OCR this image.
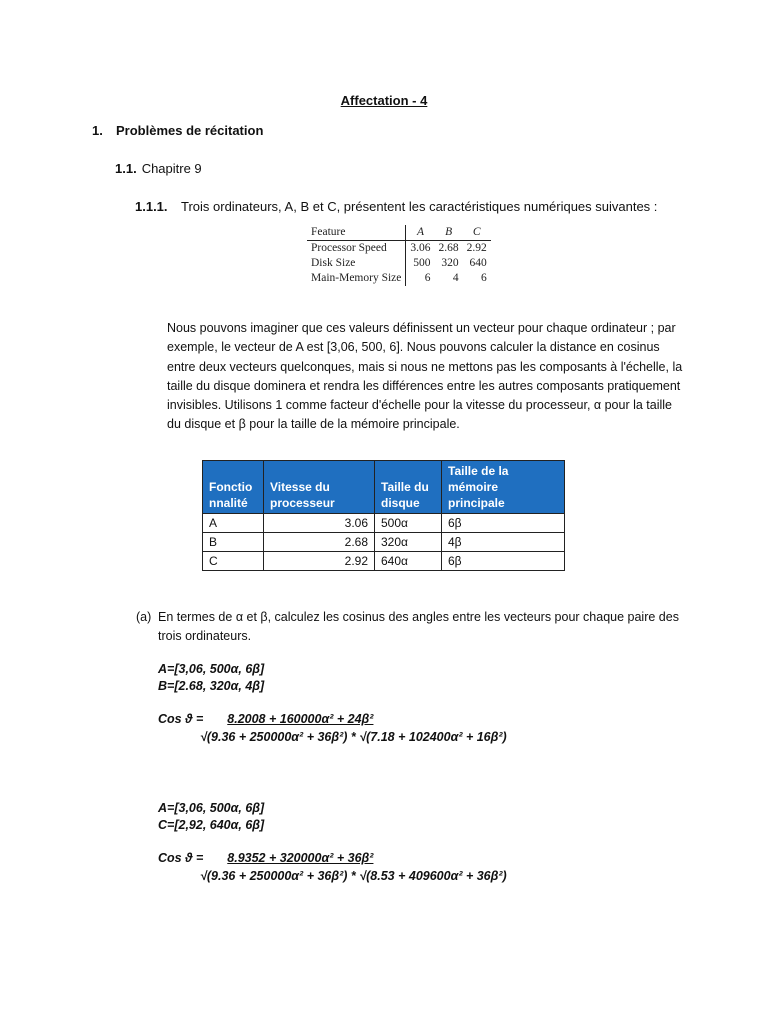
Affectation - 4
1. Problèmes de récitation
1.1. Chapitre 9
1.1.1. Trois ordinateurs, A, B et C, présentent les caractéristiques numériques suivantes :
Feature	A	B	C
Processor Speed	3.06	2.68	2.92
Disk Size	500	320	640
Main-Memory Size	6	4	6
Nous pouvons imaginer que ces valeurs définissent un vecteur pour chaque ordinateur ; par exemple, le vecteur de A est [3,06, 500, 6]. Nous pouvons calculer la distance en cosinus entre deux vecteurs quelconques, mais si nous ne mettons pas les composants à l'échelle, la taille du disque dominera et rendra les différences entre les autres composants pratiquement invisibles. Utilisons 1 comme facteur d'échelle pour la vitesse du processeur, α pour la taille du disque et β pour la taille de la mémoire principale.
Fonctio nnalité	Vitesse du processeur	Taille du disque	Taille de la mémoire principale
A	3.06	500α	6β
B	2.68	320α	4β
C	2.92	640α	6β
(a) En termes de α et β, calculez les cosinus des angles entre les vecteurs pour chaque paire des trois ordinateurs.
A=[3,06, 500α, 6β]
B=[2.68, 320α, 4β]
Cos ϑ = 8.2008 + 160000α² + 24β²
√(9.36 + 250000α² + 36β²) * √(7.18 + 102400α² + 16β²)
A=[3,06, 500α, 6β]
C=[2,92, 640α, 6β]
Cos ϑ = 8.9352 + 320000α² + 36β²
√(9.36 + 250000α² + 36β²) * √(8.53 + 409600α² + 36β²)
